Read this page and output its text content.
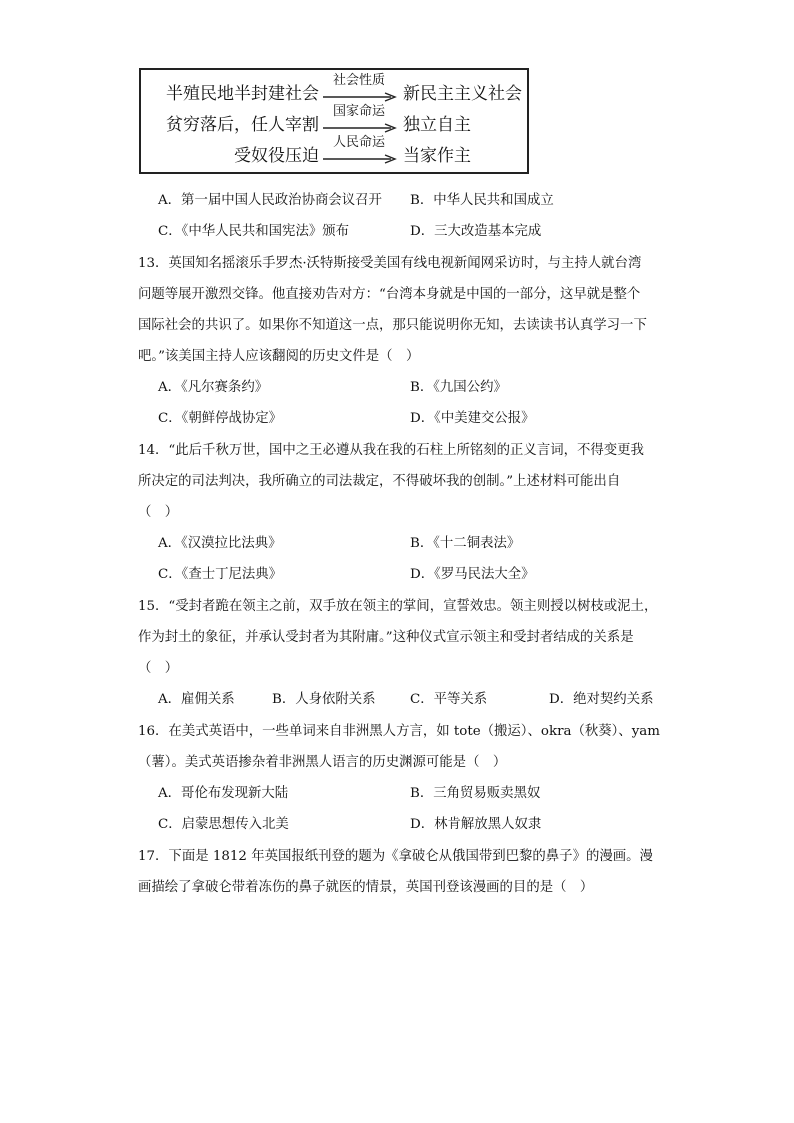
半殖民地半封建社会
社会性质
新民主主义社会
贫穷落后，任人宰割
国家命运
独立自主
受奴役压迫
人民命运
当家作主
A．第一届中国人民政治协商会议召开 B．中华人民共和国成立
C．《中华人民共和国宪法》颁布	D．三大改造基本完成
13．英国知名摇滚乐手罗杰·沃特斯接受美国有线电视新闻网采访时，与主持人就台湾
问题等展开激烈交锋。他直接劝告对方：“台湾本身就是中国的一部分，这早就是整个
国际社会的共识了。如果你不知道这一点，那只能说明你无知，去读读书认真学习一下
吧。”该美国主持人应该翻阅的历史文件是（　）
A．《凡尔赛条约》	B．《九国公约》
C．《朝鲜停战协定》	D．《中美建交公报》
14．“此后千秋万世，国中之王必遵从我在我的石柱上所铭刻的正义言词，不得变更我
所决定的司法判决，我所确立的司法裁定，不得破坏我的创制。”上述材料可能出自
（　）
A．《汉漠拉比法典》	B．《十二铜表法》
C．《查士丁尼法典》	D．《罗马民法大全》
15．“受封者跪在领主之前，双手放在领主的掌间，宣誓效忠。领主则授以树枝或泥土，
作为封土的象征，并承认受封者为其附庸。”这种仪式宣示领主和受封者结成的关系是
（　）
A．雇佣关系	B．人身依附关系	C．平等关系	D．绝对契约关系
16．在美式英语中，一些单词来自非洲黑人方言，如 tote（搬运）、okra（秋葵）、yam
（薯）。美式英语掺杂着非洲黑人语言的历史渊源可能是（　）
A．哥伦布发现新大陆	B．三角贸易贩卖黑奴
C．启蒙思想传入北美	D．林肯解放黑人奴隶
17．下面是 1812 年英国报纸刊登的题为《拿破仑从俄国带到巴黎的鼻子》的漫画。漫
画描绘了拿破仑带着冻伤的鼻子就医的情景，英国刊登该漫画的目的是（　）
